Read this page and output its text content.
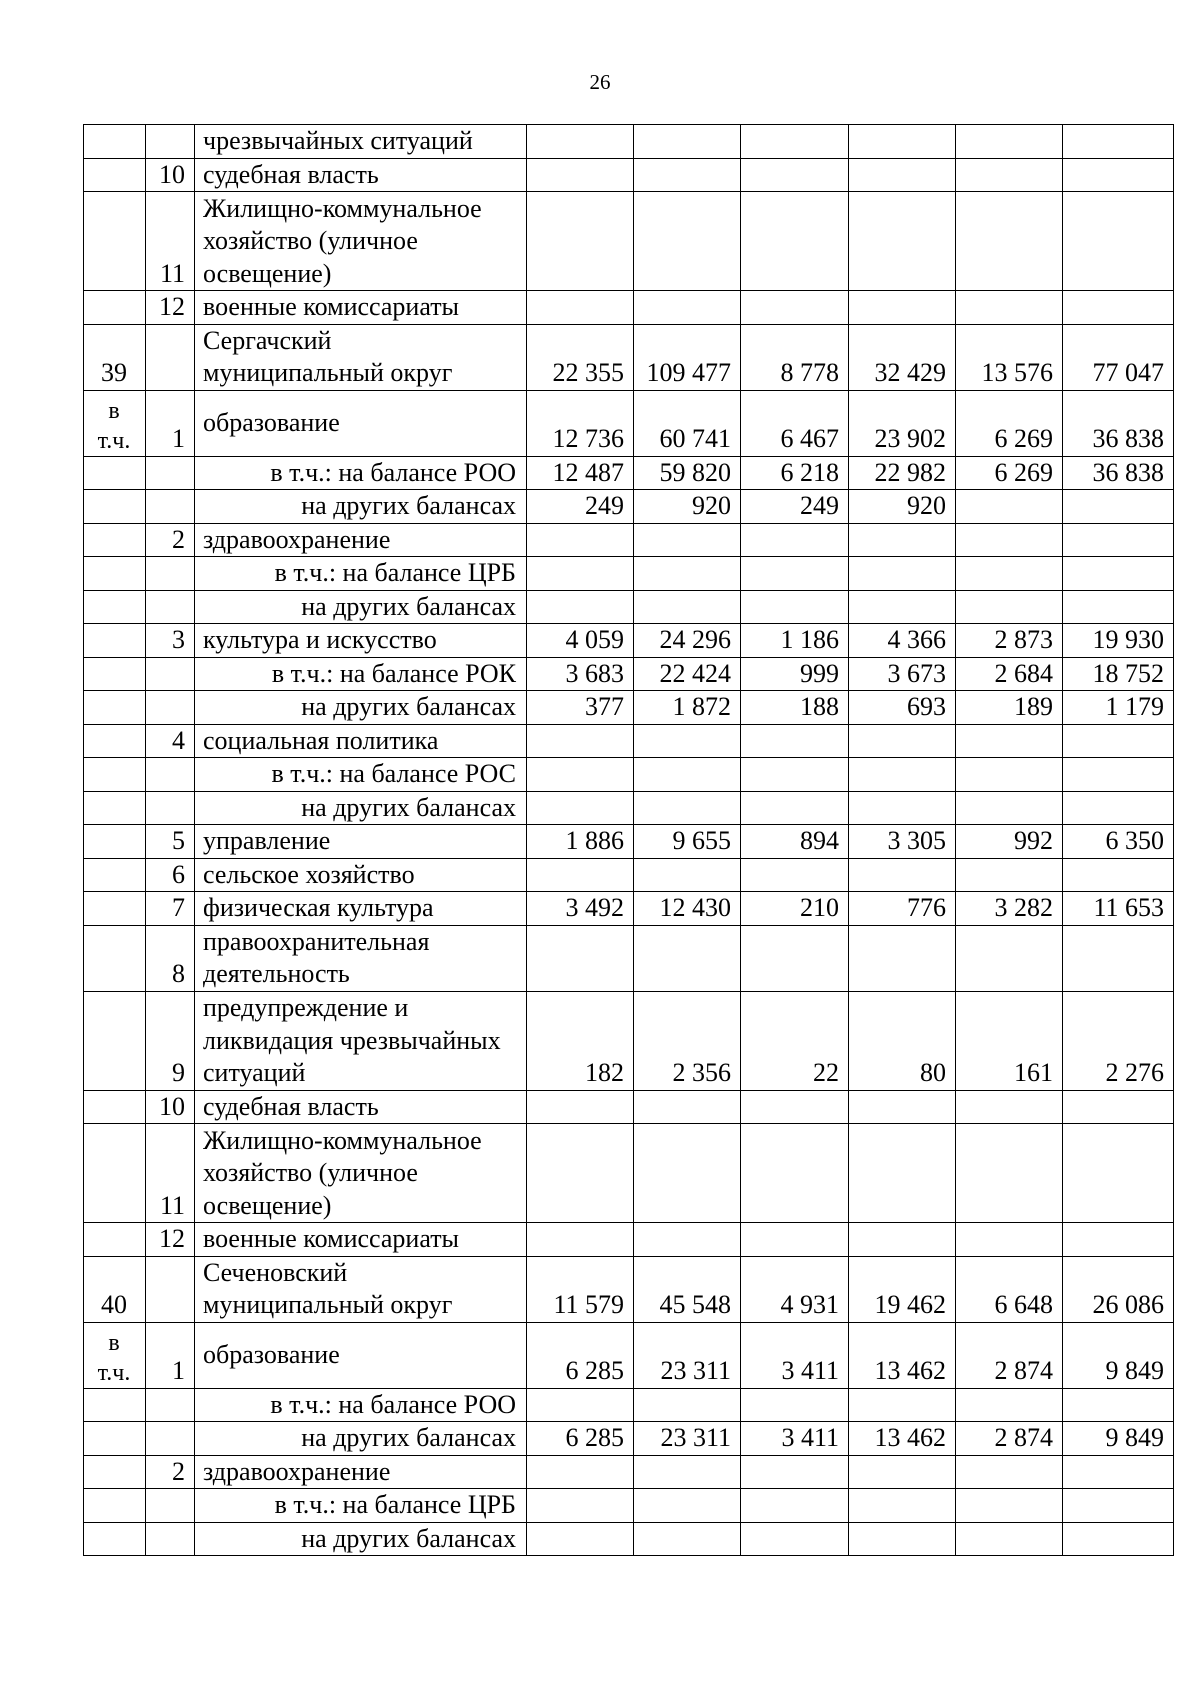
26
		чрезвычайных ситуаций						
	10	судебная власть						
	11	Жилищно-коммунальное хозяйство (уличное освещение)						
	12	военные комиссариаты						
39		Сергачский муниципальный округ	22 355	109 477	8 778	32 429	13 576	77 047
в т.ч.	1	образование	12 736	60 741	6 467	23 902	6 269	36 838
		в т.ч.: на балансе РОО	12 487	59 820	6 218	22 982	6 269	36 838
		на других балансах	249	920	249	920		
	2	здравоохранение						
		в т.ч.: на балансе ЦРБ						
		на других балансах						
	3	культура и искусство	4 059	24 296	1 186	4 366	2 873	19 930
		в т.ч.: на балансе РОК	3 683	22 424	999	3 673	2 684	18 752
		на других балансах	377	1 872	188	693	189	1 179
	4	социальная политика						
		в т.ч.: на балансе РОС						
		на других балансах						
	5	управление	1 886	9 655	894	3 305	992	6 350
	6	сельское хозяйство						
	7	физическая культура	3 492	12 430	210	776	3 282	11 653
	8	правоохранительная деятельность						
	9	предупреждение и ликвидация чрезвычайных ситуаций	182	2 356	22	80	161	2 276
	10	судебная власть						
	11	Жилищно-коммунальное хозяйство (уличное освещение)						
	12	военные комиссариаты						
40		Сеченовский муниципальный округ	11 579	45 548	4 931	19 462	6 648	26 086
в т.ч.	1	образование	6 285	23 311	3 411	13 462	2 874	9 849
		в т.ч.: на балансе РОО						
		на других балансах	6 285	23 311	3 411	13 462	2 874	9 849
	2	здравоохранение						
		в т.ч.: на балансе ЦРБ						
		на других балансах						
